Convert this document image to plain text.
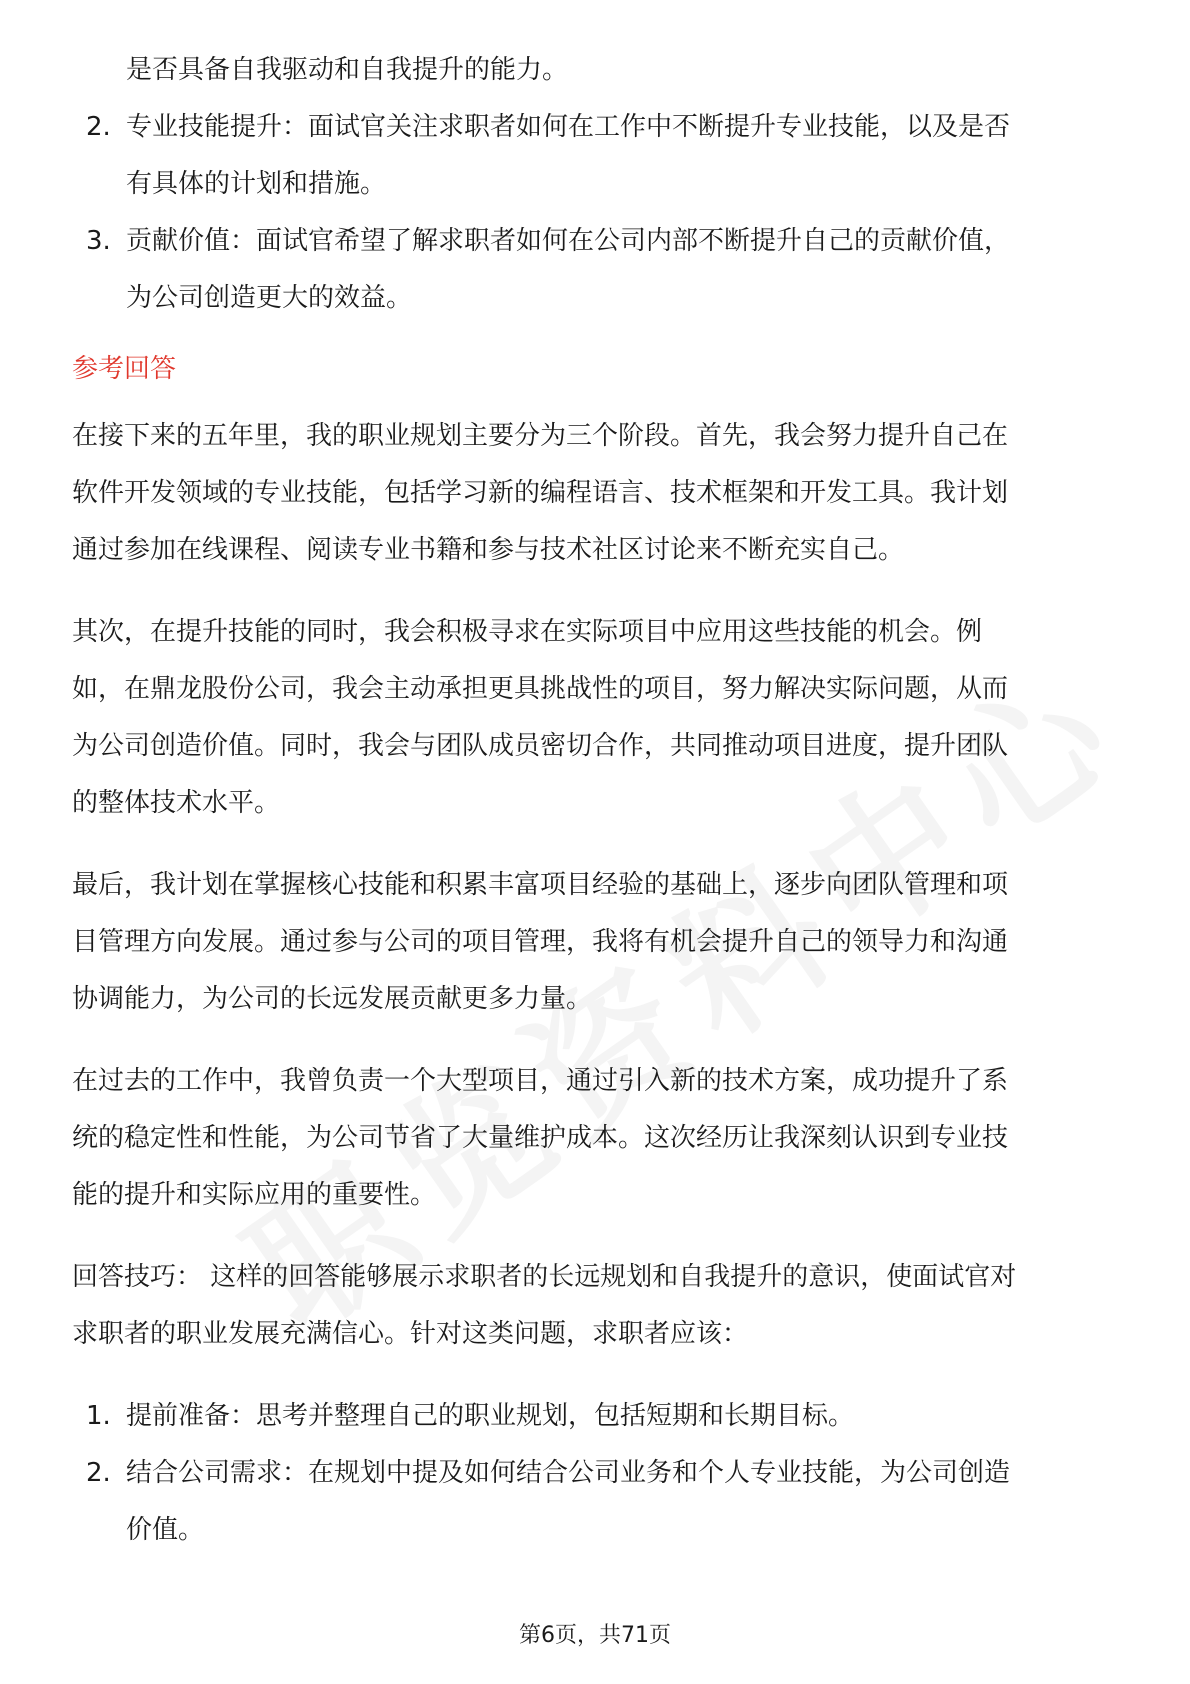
是否具备自我驱动和自我提升的能力。
2. 专业技能提升：面试官关注求职者如何在工作中不断提升专业技能，以及是否
有具体的计划和措施。
3. 贡献价值：面试官希望了解求职者如何在公司内部不断提升自己的贡献价值，
为公司创造更大的效益。
参考回答
在接下来的五年里，我的职业规划主要分为三个阶段。首先，我会努力提升自己在
软件开发领域的专业技能，包括学习新的编程语言、技术框架和开发工具。我计划
通过参加在线课程、阅读专业书籍和参与技术社区讨论来不断充实自己。
其次，在提升技能的同时，我会积极寻求在实际项目中应用这些技能的机会。例
如，在鼎龙股份公司，我会主动承担更具挑战性的项目，努力解决实际问题，从而
为公司创造价值。同时，我会与团队成员密切合作，共同推动项目进度，提升团队
的整体技术水平。
最后，我计划在掌握核心技能和积累丰富项目经验的基础上，逐步向团队管理和项
目管理方向发展。通过参与公司的项目管理，我将有机会提升自己的领导力和沟通
协调能力，为公司的长远发展贡献更多力量。
在过去的工作中，我曾负责一个大型项目，通过引入新的技术方案，成功提升了系
统的稳定性和性能，为公司节省了大量维护成本。这次经历让我深刻认识到专业技
能的提升和实际应用的重要性。
回答技巧： 这样的回答能够展示求职者的长远规划和自我提升的意识，使面试官对
求职者的职业发展充满信心。针对这类问题，求职者应该：
1. 提前准备：思考并整理自己的职业规划，包括短期和长期目标。
2. 结合公司需求：在规划中提及如何结合公司业务和个人专业技能，为公司创造
价值。
第6页，共71页
